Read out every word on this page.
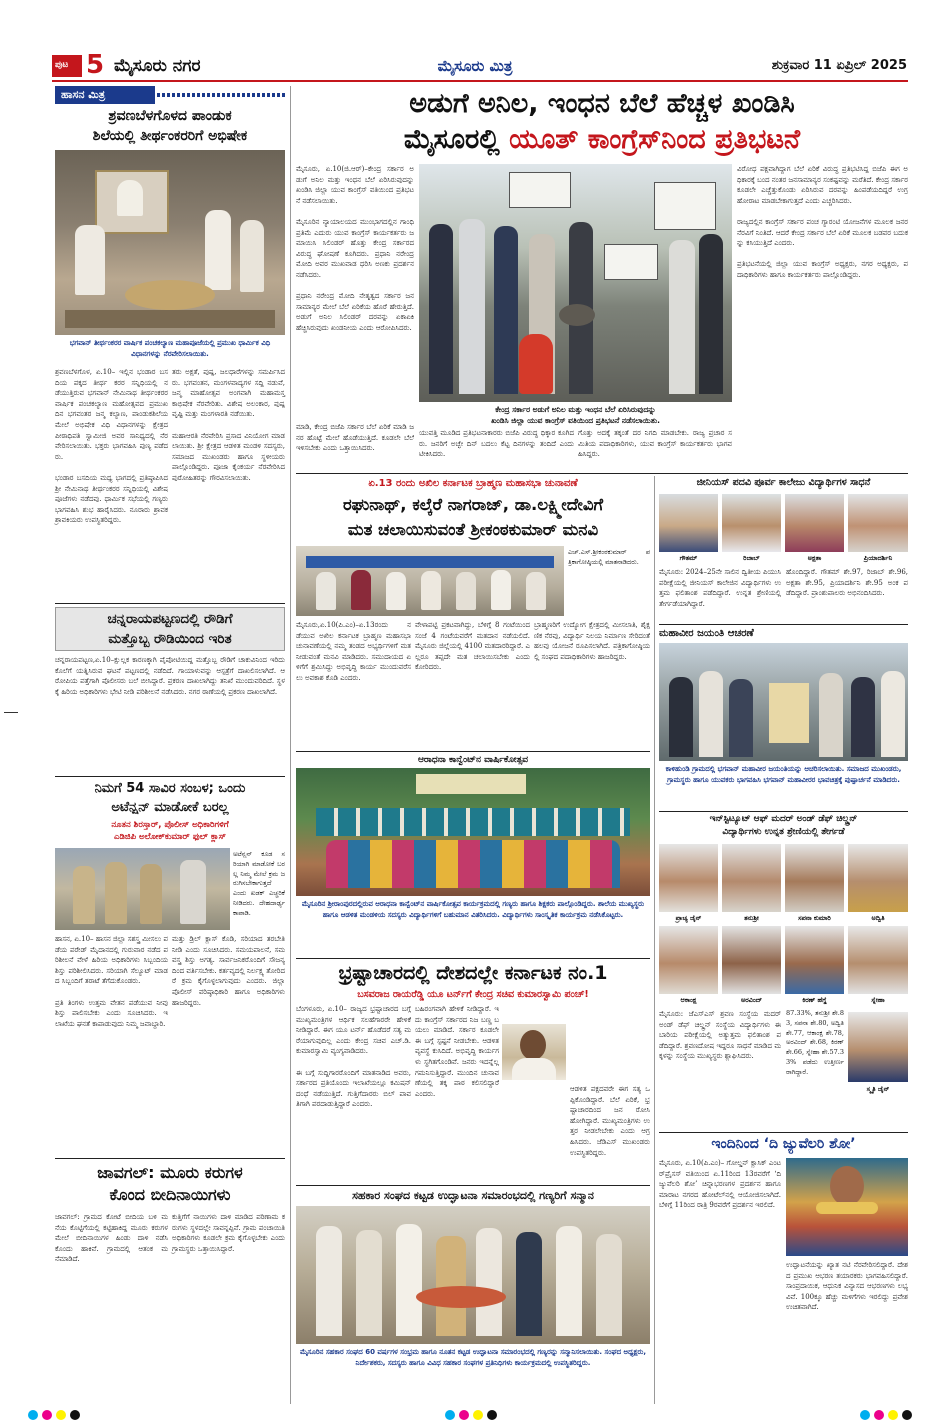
ಪುಟ 5 ಮೈಸೂರು ನಗರ	ಮೈಸೂರು ಮಿತ್ರ	ಶುಕ್ರವಾರ 11 ಏಪ್ರಿಲ್ 2025
ಹಾಸನ ಮಿತ್ರ
ಶ್ರವಣಬೆಳಗೊಳದ ಪಾಂಡುಕ
ಶಿಲೆಯಲ್ಲಿ ತೀರ್ಥಂಕರರಿಗೆ ಅಭಿಷೇಕ
ಭಗವಾನ್ ತೀರ್ಥಂಕರರ ವಾರ್ಷಿಕ ಪಂಚಕಲ್ಯಾಣ ಮಹಾಪೂಜೆಯಲ್ಲಿ ಪ್ರಮುಖ ಧಾರ್ಮಿಕ ವಿಧಿ ವಿಧಾನಗಳನ್ನು ನೆರವೇರಿಸಲಾಯಿತು.
ಶ್ರವಣಬೆಳಗೊಳ, ಏ.10– ಇಲ್ಲಿನ ಭಂಡಾರ ಬಸದಿಯ ಪಕ್ಕದ ತೀರ್ಥ ಕರರ ಸನ್ನಿಧಿಯಲ್ಲಿ ನಡೆಯುತ್ತಿರುವ ಭಗವಾನ್ ನೇಮಿನಾಥ ತೀರ್ಥಂಕರರ ವಾರ್ಷಿಕ ಪಂಚಕಲ್ಯಾಣ ಮಹೋತ್ಸವದ ಪ್ರಮುಖ ದಿನ ಭಗವಂತರ ಜನ್ಮ ಕಲ್ಯಾಣ, ಪಾಂಡುಕಶಿಲೆಯ ಮೇಲೆ ಅಭಿಷೇಕ ವಿಧಿ ವಿಧಾನಗಳನ್ನು ಕ್ಷೇತ್ರದ ಪೀಠಾಧಿಪತಿ ಸ್ವಾಮೀಜಿ ಅವರ ಸಾನಿಧ್ಯದಲ್ಲಿ ನೆರವೇರಿಸಲಾಯಿತು. ಭಕ್ತರು ಭಾಗವಹಿಸಿ ಪುಣ್ಯ ಪಡೆದರು.

ಭಂಡಾರ ಬಸದಿಯ ಮಧ್ಯ ಭಾಗದಲ್ಲಿ ಪ್ರತಿಷ್ಠಾಪಿಸಿದ ಶ್ರೀ ನೇಮಿನಾಥ ತೀರ್ಥಂಕರರ ಸನ್ನಿಧಿಯಲ್ಲಿ ವಿಶೇಷ ಪೂಜೆಗಳು ನಡೆದವು. ಧಾರ್ಮಿಕ ಸಭೆಯಲ್ಲಿ ಗಣ್ಯರು ಭಾಗವಹಿಸಿ ಶುಭ ಹಾರೈಸಿದರು. ನೂರಾರು ಶ್ರಾವಕ ಶ್ರಾವಕಿಯರು ಉಪಸ್ಥಿತರಿದ್ದರು.
ತರು ಅಕ್ಷತೆ, ಪುಷ್ಪ, ಜಲಧಾರೆಗಳನ್ನು ಸಮರ್ಪಿಸಿದರು. ಭಗವಂತನ, ಮಂಗಳವಾದ್ಯಗಳ ಸದ್ದಿ ನಡುವೆ, ಜನ್ಮ ಮಾಹೋತ್ಸವ ಅಂಗವಾಗಿ ಮಹಾಮಸ್ತಕಾಭಿಷೇಕ ನೆರವೇರಿತು. ವಿಶೇಷ ಅಲಂಕಾರ, ಪುಷ್ಪವೃಷ್ಟಿ ಮತ್ತು ಮಂಗಳಾರತಿ ನಡೆಯಿತು.

ಮಹಾಆರತಿ ನೆರವೇರಿಸಿ ಪ್ರಸಾದ ವಿನಿಯೋಗ ಮಾಡಲಾಯಿತು. ಶ್ರೀ ಕ್ಷೇತ್ರದ ಆಡಳಿತ ಮಂಡಳಿ ಸದಸ್ಯರು, ಸಮಾಜದ ಮುಖಂಡರು ಹಾಗೂ ಸ್ಥಳೀಯರು ಪಾಲ್ಗೊಂಡಿದ್ದರು. ಪೂಜಾ ಕೈಂಕರ್ಯ ನೆರವೇರಿಸಿದ ಪುರೋಹಿತರನ್ನು ಗೌರವಿಸಲಾಯಿತು.
ಚನ್ನರಾಯಪಟ್ಟಣದಲ್ಲಿ ರೌಡಿಗೆ
ಮತ್ತೊಬ್ಬ ರೌಡಿಯಿಂದ ಇರಿತ
ಚನ್ನರಾಯಪಟ್ಟಣ,ಏ.10–ಕ್ಷುಲ್ಲಕ ಕಾರಣಕ್ಕಾಗಿ ಪೈಪೋಟಿಯಿದ್ದ ಮತ್ತೊಬ್ಬ ರೌಡಿಗೆ ಚಾಕುವಿನಿಂದ ಇರಿದು ಕೊಲೆಗೆ ಯತ್ನಿಸಿರುವ ಘಟನೆ ಪಟ್ಟಣದಲ್ಲಿ ನಡೆದಿದೆ. ಗಾಯಾಳುವನ್ನು ಆಸ್ಪತ್ರೆಗೆ ದಾಖಲಿಸಲಾಗಿದೆ. ಆರೋಪಿಯ ಪತ್ತೆಗಾಗಿ ಪೊಲೀಸರು ಬಲೆ ಬೀಸಿದ್ದಾರೆ. ಪ್ರಕರಣ ದಾಖಲಾಗಿದ್ದು ತನಿಖೆ ಮುಂದುವರಿದಿದೆ. ಸ್ಥಳಕ್ಕೆ ಹಿರಿಯ ಅಧಿಕಾರಿಗಳು ಭೇಟಿ ನೀಡಿ ಪರಿಶೀಲನೆ ನಡೆಸಿದರು. ನಗರ ಠಾಣೆಯಲ್ಲಿ ಪ್ರಕರಣ ದಾಖಲಾಗಿದೆ.
ನಿಮಗೆ 54 ಸಾವಿರ ಸಂಬಳ; ಒಂದು
ಅಟೆನ್ಷನ್ ಮಾಡೋಕೆ ಬರಲ್ಲ
ನೂತನ ಶಿರಸ್ತಾರ್, ಪೊಲೀಸ್ ಅಧಿಕಾರಿಗಳಿಗೆ
ಎಡಿಜಿಪಿ ಅಲೋಕ್‌ಕುಮಾರ್ ಫುಲ್ ಕ್ಲಾಸ್
ಅಟೆನ್ಷನ್ ಕೂಡ ಸರಿಯಾಗಿ ಮಾಡೋಕೆ ಬರಲ್ಲ ನಿಮ್ಮ ಮೇಲೆ ಕ್ರಮ ಜರುಗಿಸಬೇಕಾಗುತ್ತದೆ ಎಂದು ಖಡಕ್ ಎಚ್ಚರಿಕೆ ನೀಡಿದರು. ದೇಹದಾರ್ಢ್ಯ ಕಾಪಾಡಿ.
ಹಾಸನ, ಏ.10– ಹಾಸನ ಜಿಲ್ಲಾ ಸಶಸ್ತ್ರ ಮೀಸಲು ಪಡೆಯ ಪರೇಡ್ ಮೈದಾನದಲ್ಲಿ ಗುರುವಾರ ನಡೆದ ಪರಿಶೀಲನೆ ವೇಳೆ ಹಿರಿಯ ಅಧಿಕಾರಿಗಳು ಸಿಬ್ಬಂದಿಯ ಶಿಸ್ತು ಪರಿಶೀಲಿಸಿದರು. ಸರಿಯಾಗಿ ಸೆಲ್ಯೂಟ್ ಮಾಡದ ಸಿಬ್ಬಂದಿಗೆ ತರಾಟೆ ತೆಗೆದುಕೊಂಡರು.

ಪ್ರತಿ ತಿಂಗಳು ಉತ್ತಮ ವೇತನ ಪಡೆಯುವ ನೀವು ಶಿಸ್ತು ಪಾಲಿಸಬೇಕು ಎಂದು ಸೂಚಿಸಿದರು. ಇಲಾಖೆಯ ಘನತೆ ಕಾಪಾಡುವುದು ನಿಮ್ಮ ಜವಾಬ್ದಾರಿ.
ಮತ್ತು ಡ್ರಿಲ್ ಕ್ಲಾಸ್ ಕೊಡಿ, ಸರಿಯಾದ ತರಬೇತಿ ನೀಡಿ ಎಂದು ಸೂಚಿಸಿದರು. ಸಮಯಪಾಲನೆ, ಸಮವಸ್ತ್ರ ಶಿಸ್ತು ಅಗತ್ಯ. ಸಾರ್ವಜನಿಕರೊಂದಿಗೆ ಸೌಜನ್ಯದಿಂದ ವರ್ತಿಸಬೇಕು. ಕರ್ತವ್ಯದಲ್ಲಿ ನಿರ್ಲಕ್ಷ್ಯ ತೋರಿದರೆ ಕ್ರಮ ಕೈಗೊಳ್ಳಲಾಗುವುದು ಎಂದರು. ಜಿಲ್ಲಾ ಪೊಲೀಸ್ ವರಿಷ್ಠಾಧಿಕಾರಿ ಹಾಗೂ ಅಧಿಕಾರಿಗಳು ಹಾಜರಿದ್ದರು.
ಜಾವಗಲ್: ಮೂರು ಕರುಗಳ
ಕೊಂದ ಬೀದಿನಾಯಿಗಳು
ಜಾವಗಲ್: ಗ್ರಾಮದ ಕೋಟೆ ಬೀದಿಯ ಬಳಿ ಮನೆಯ ಕೊಟ್ಟಿಗೆಯಲ್ಲಿ ಕಟ್ಟಿಹಾಕಿದ್ದ ಮೂರು ಕರುಗಳ ಮೇಲೆ ಬೀದಿನಾಯಿಗಳ ಹಿಂಡು ದಾಳಿ ನಡೆಸಿ ಕೊಂದು ಹಾಕಿವೆ. ಗ್ರಾಮದಲ್ಲಿ ಆತಂಕ ಮನೆಮಾಡಿದೆ.
ಕುತ್ತಿಗೆಗೆ ನಾಯಿಗಳು ದಾಳಿ ಮಾಡಿದ ಪರಿಣಾಮ ಕರುಗಳು ಸ್ಥಳದಲ್ಲೇ ಸಾವನ್ನಪ್ಪಿವೆ. ಗ್ರಾಮ ಪಂಚಾಯಿತಿ ಅಧಿಕಾರಿಗಳು ಕೂಡಲೇ ಕ್ರಮ ಕೈಗೊಳ್ಳಬೇಕು ಎಂದು ಗ್ರಾಮಸ್ಥರು ಒತ್ತಾಯಿಸಿದ್ದಾರೆ.
ಅಡುಗೆ ಅನಿಲ, ಇಂಧನ ಬೆಲೆ ಹೆಚ್ಚಳ ಖಂಡಿಸಿ
ಮೈಸೂರಲ್ಲಿ ಯೂತ್ ಕಾಂಗ್ರೆಸ್‌ನಿಂದ ಪ್ರತಿಭಟನೆ
ಮೈಸೂರು, ಏ.10(ಜಿ.ಆರ್)–ಕೇಂದ್ರ ಸರ್ಕಾರ ಅಡುಗೆ ಅನಿಲ ಮತ್ತು ಇಂಧನ ಬೆಲೆ ಏರಿಸಿರುವುದನ್ನು ಖಂಡಿಸಿ ಜಿಲ್ಲಾ ಯುವ ಕಾಂಗ್ರೆಸ್ ವತಿಯಿಂದ ಪ್ರತಿಭಟನೆ ನಡೆಸಲಾಯಿತು.

ಮೈಸೂರಿನ ನ್ಯಾಯಾಲಯದ ಮುಂಭಾಗದಲ್ಲಿನ ಗಾಂಧಿ ಪ್ರತಿಮೆ ಎದುರು ಯುವ ಕಾಂಗ್ರೆಸ್ ಕಾರ್ಯಕರ್ತರು ಜಮಾಯಿಸಿ ಸಿಲಿಂಡರ್ ಹೊತ್ತು ಕೇಂದ್ರ ಸರ್ಕಾರದ ವಿರುದ್ಧ ಘೋಷಣೆ ಕೂಗಿದರು. ಪ್ರಧಾನಿ ನರೇಂದ್ರ ಮೋದಿ ಅವರ ಮುಖವಾಡ ಧರಿಸಿ ಅಣಕು ಪ್ರದರ್ಶನ ನಡೆಸಿದರು.

ಪ್ರಧಾನಿ ನರೇಂದ್ರ ಮೋದಿ ನೇತೃತ್ವದ ಸರ್ಕಾರ ಜನಸಾಮಾನ್ಯರ ಮೇಲೆ ಬೆಲೆ ಏರಿಕೆಯ ಹೊರೆ ಹೇರುತ್ತಿದೆ. ಅಡುಗೆ ಅನಿಲ ಸಿಲಿಂಡರ್ ದರವನ್ನು ಏಕಾಏಕಿ ಹೆಚ್ಚಿಸಿರುವುದು ಖಂಡನೀಯ ಎಂದು ಆರೋಪಿಸಿದರು.
ಕೇಂದ್ರ ಸರ್ಕಾರ ಅಡುಗೆ ಅನಿಲ ಮತ್ತು ಇಂಧನ ಬೆಲೆ ಏರಿಸಿರುವುದನ್ನು
ಖಂಡಿಸಿ ಜಿಲ್ಲಾ ಯುವ ಕಾಂಗ್ರೆಸ್ ವತಿಯಿಂದ ಪ್ರತಿಭಟನೆ ನಡೆಸಲಾಯಿತು.
ವಿರೋಧ ಪಕ್ಷವಾಗಿದ್ದಾಗ ಬೆಲೆ ಏರಿಕೆ ವಿರುದ್ಧ ಪ್ರತಿಭಟಿಸಿದ್ದ ಬಿಜೆಪಿ ಈಗ ಅಧಿಕಾರಕ್ಕೆ ಬಂದ ನಂತರ ಜನಸಾಮಾನ್ಯರ ಸಂಕಷ್ಟವನ್ನು ಮರೆತಿದೆ. ಕೇಂದ್ರ ಸರ್ಕಾರ ಕೂಡಲೇ ಎಚ್ಚೆತ್ತುಕೊಂಡು ಏರಿಸಿರುವ ದರವನ್ನು ಹಿಂಪಡೆಯದಿದ್ದರೆ ಉಗ್ರ ಹೋರಾಟ ಮಾಡಬೇಕಾಗುತ್ತದೆ ಎಂದು ಎಚ್ಚರಿಸಿದರು.

ರಾಜ್ಯದಲ್ಲಿನ ಕಾಂಗ್ರೆಸ್ ಸರ್ಕಾರ ಪಂಚ ಗ್ಯಾರಂಟಿ ಯೋಜನೆಗಳ ಮೂಲಕ ಜನರ ನೆರವಿಗೆ ನಿಂತಿದೆ. ಆದರೆ ಕೇಂದ್ರ ಸರ್ಕಾರ ಬೆಲೆ ಏರಿಕೆ ಮೂಲಕ ಬಡವರ ಬದುಕನ್ನು ಕಸಿಯುತ್ತಿದೆ ಎಂದರು.

ಪ್ರತಿಭಟನೆಯಲ್ಲಿ ಜಿಲ್ಲಾ ಯುವ ಕಾಂಗ್ರೆಸ್ ಅಧ್ಯಕ್ಷರು, ನಗರ ಅಧ್ಯಕ್ಷರು, ಪದಾಧಿಕಾರಿಗಳು ಹಾಗೂ ಕಾರ್ಯಕರ್ತರು ಪಾಲ್ಗೊಂಡಿದ್ದರು.
ಮಾಡಿ, ಕೇಂದ್ರ ಬಿಜೆಪಿ ಸರ್ಕಾರ ಬೆಲೆ ಏರಿಕೆ ಮಾಡಿ ಜನರ ಹೊಟ್ಟೆ ಮೇಲೆ ಹೊಡೆಯುತ್ತಿದೆ. ಕೂಡಲೇ ಬೆಲೆ ಇಳಿಸಬೇಕು ಎಂದು ಒತ್ತಾಯಿಸಿದರು.
ಯುವತ್ತಿ ಮೂಡಿದ ಪ್ರತಿಭಟನಾಕಾರರು ಬಿಜೆಪಿ ವಿರುದ್ಧ ಧಿಕ್ಕಾರ ಕೂಗಿದರು. ಜನರಿಗೆ ಅಚ್ಛೇ ದಿನ್ ಬದಲು ಕೆಟ್ಟ ದಿನಗಳನ್ನು ತಂದಿದೆ ಎಂದು ಟೀಕಿಸಿದರು.
ಗೊತ್ತು ಅದಕ್ಕೆ ತಕ್ಕಂತೆ ದರ ನಿಗದಿ ಮಾಡಬೇಕು. ರಾಜ್ಯ ಪ್ರಚಾರ ಸಮಿತಿಯ ಪದಾಧಿಕಾರಿಗಳು, ಯುವ ಕಾಂಗ್ರೆಸ್ ಕಾರ್ಯಕರ್ತರು ಭಾಗವಹಿಸಿದ್ದರು.
ಏ.13 ರಂದು ಅಖಿಲ ಕರ್ನಾಟಕ ಬ್ರಾಹ್ಮಣ ಮಹಾಸಭಾ ಚುನಾವಣೆ
ರಘುನಾಥ್, ಕಲ್ಕೆರೆ ನಾಗರಾಜ್, ಡಾ.ಲಕ್ಷ್ಮೀದೇವಿಗೆ
ಮತ ಚಲಾಯಿಸುವಂತೆ ಶ್ರೀಕಂಠಕುಮಾರ್ ಮನವಿ
ಎಚ್.ಎಸ್.ಶ್ರೀಕಂಠಕುಮಾರ್ ಪತ್ರಿಕಾಗೋಷ್ಠಿಯಲ್ಲಿ ಮಾತನಾಡಿದರು.
ಮೈಸೂರು,ಏ.10(ಪಿ.ಎಂ)–ಏ.13ರಂದು ನಡೆಯುವ ಅಖಿಲ ಕರ್ನಾಟಕ ಬ್ರಾಹ್ಮಣ ಮಹಾಸಭಾ ಚುನಾವಣೆಯಲ್ಲಿ ನಮ್ಮ ತಂಡದ ಅಭ್ಯರ್ಥಿಗಳಿಗೆ ಮತ ನೀಡುವಂತೆ ಮನವಿ ಮಾಡಿದರು. ಸಮುದಾಯದ ಏಳಿಗೆಗೆ ಶ್ರಮಿಸಿದ್ದು ಅಭಿವೃದ್ಧಿ ಕಾರ್ಯ ಮುಂದುವರೆಸಲು ಅವಕಾಶ ಕೊಡಿ ಎಂದರು.
ವೇಳಾಪಟ್ಟಿ ಪ್ರಕಟವಾಗಿದ್ದು, ಬೆಳಿಗ್ಗೆ 8 ಗಂಟೆಯಿಂದ ಸಂಜೆ 4 ಗಂಟೆಯವರೆಗೆ ಮತದಾನ ನಡೆಯಲಿದೆ. ಮೈಸೂರು ಜಿಲ್ಲೆಯಲ್ಲಿ 4100 ಮತದಾರರಿದ್ದಾರೆ. ಎಲ್ಲರೂ ತಪ್ಪದೇ ಮತ ಚಲಾಯಿಸಬೇಕು ಎಂದು ಕೋರಿದರು.
ಬ್ರಾಹ್ಮಣರಿಗೆ ಉದ್ಯೋಗ ಕ್ಷೇತ್ರದಲ್ಲಿ ಮೀಸಲಾತಿ, ಶೈಕ್ಷಣಿಕ ನೆರವು, ವಿದ್ಯಾರ್ಥಿ ನಿಲಯ ನಿರ್ಮಾಣ ಸೇರಿದಂತೆ ಹಲವು ಯೋಜನೆ ರೂಪಿಸಲಾಗಿದೆ. ಪತ್ರಿಕಾಗೋಷ್ಠಿಯಲ್ಲಿ ಸಂಘದ ಪದಾಧಿಕಾರಿಗಳು ಹಾಜರಿದ್ದರು.
ಆರಾಧನಾ ಕಾನ್ವೆಂಟ್‌ನ ವಾರ್ಷಿಕೋತ್ಸವ
ಮೈಸೂರಿನ ಶ್ರೀರಾಂಪುರದಲ್ಲಿರುವ ಆರಾಧನಾ ಕಾನ್ವೆಂಟ್‌ನ ವಾರ್ಷಿಕೋತ್ಸವ ಕಾರ್ಯಕ್ರಮದಲ್ಲಿ ಗಣ್ಯರು ಹಾಗೂ ಶಿಕ್ಷಕರು ಪಾಲ್ಗೊಂಡಿದ್ದರು. ಶಾಲೆಯ ಮುಖ್ಯಸ್ಥರು ಹಾಗೂ ಆಡಳಿತ ಮಂಡಳಿಯ ಸದಸ್ಯರು ವಿದ್ಯಾರ್ಥಿಗಳಿಗೆ ಬಹುಮಾನ ವಿತರಿಸಿದರು. ವಿದ್ಯಾರ್ಥಿಗಳು ಸಾಂಸ್ಕೃತಿಕ ಕಾರ್ಯಕ್ರಮ ನಡೆಸಿಕೊಟ್ಟರು.
ಭ್ರಷ್ಟಾಚಾರದಲ್ಲಿ ದೇಶದಲ್ಲೇ ಕರ್ನಾಟಕ ನಂ.1
ಬಸವರಾಜ ರಾಯರೆಡ್ಡಿ ಯೂ ಟರ್ನ್‌ಗೆ ಕೇಂದ್ರ ಸಚಿವ ಕುಮಾರಸ್ವಾಮಿ ಪಂಚ್!
ಬೆಂಗಳೂರು, ಏ.10– ರಾಜ್ಯದ ಭ್ರಷ್ಟಾಚಾರದ ಬಗ್ಗೆ ಮುಖ್ಯಮಂತ್ರಿಗಳ ಆರ್ಥಿಕ ಸಲಹೆಗಾರರೇ ಹೇಳಿಕೆ ನೀಡಿದ್ದಾರೆ. ಈಗ ಯೂ ಟರ್ನ್ ಹೊಡೆದರೆ ಸತ್ಯ ಮರೆಯಾಗುವುದಿಲ್ಲ ಎಂದು ಕೇಂದ್ರ ಸಚಿವ ಎಚ್.ಡಿ.ಕುಮಾರಸ್ವಾಮಿ ವ್ಯಂಗ್ಯವಾಡಿದರು.

ಈ ಬಗ್ಗೆ ಸುದ್ದಿಗಾರರೊಂದಿಗೆ ಮಾತನಾಡಿದ ಅವರು, ಸರ್ಕಾರದ ಪ್ರತಿಯೊಂದು ಇಲಾಖೆಯಲ್ಲೂ ಕಮಿಷನ್ ದಂಧೆ ನಡೆಯುತ್ತಿದೆ. ಗುತ್ತಿಗೆದಾರರು ಬಿಲ್ ಪಾವತಿಗಾಗಿ ಪರದಾಡುತ್ತಿದ್ದಾರೆ ಎಂದರು.
ಬಹಿರಂಗವಾಗಿ ಹೇಳಿಕೆ ನೀಡಿದ್ದಾರೆ. ಇದು ಕಾಂಗ್ರೆಸ್ ಸರ್ಕಾರದ ನಿಜ ಬಣ್ಣ ಬಯಲು ಮಾಡಿದೆ. ಸರ್ಕಾರ ಕೂಡಲೇ ಈ ಬಗ್ಗೆ ಸ್ಪಷ್ಟನೆ ನೀಡಬೇಕು. ಆಡಳಿತ ವ್ಯವಸ್ಥೆ ಕುಸಿದಿದೆ. ಅಭಿವೃದ್ಧಿ ಕಾರ್ಯಗಳು ಸ್ಥಗಿತಗೊಂಡಿವೆ. ಜನರು ಇದನ್ನೆಲ್ಲ ಗಮನಿಸುತ್ತಿದ್ದಾರೆ. ಮುಂದಿನ ಚುನಾವಣೆಯಲ್ಲಿ ತಕ್ಕ ಪಾಠ ಕಲಿಸಲಿದ್ದಾರೆ ಎಂದರು.
ಆಡಳಿತ ಪಕ್ಷದವರೇ ಈಗ ಸತ್ಯ ಒಪ್ಪಿಕೊಂಡಿದ್ದಾರೆ. ಬೆಲೆ ಏರಿಕೆ, ಭ್ರಷ್ಟಾಚಾರದಿಂದ ಜನ ರೋಸಿ ಹೋಗಿದ್ದಾರೆ. ಮುಖ್ಯಮಂತ್ರಿಗಳು ಉತ್ತರ ನೀಡಲೇಬೇಕು ಎಂದು ಆಗ್ರಹಿಸಿದರು. ಜೆಡಿಎಸ್ ಮುಖಂಡರು ಉಪಸ್ಥಿತರಿದ್ದರು.
ಸಹಕಾರ ಸಂಘದ ಕಟ್ಟಡ ಉದ್ಘಾಟನಾ ಸಮಾರಂಭದಲ್ಲಿ ಗಣ್ಯರಿಗೆ ಸನ್ಮಾನ
ಮೈಸೂರಿನ ಸಹಕಾರ ಸಂಘದ 60 ವರ್ಷಗಳ ಸಂಭ್ರಮ ಹಾಗೂ ನೂತನ ಕಟ್ಟಡ ಉದ್ಘಾಟನಾ ಸಮಾರಂಭದಲ್ಲಿ ಗಣ್ಯರನ್ನು ಸನ್ಮಾನಿಸಲಾಯಿತು. ಸಂಘದ ಅಧ್ಯಕ್ಷರು, ನಿರ್ದೇಶಕರು, ಸದಸ್ಯರು ಹಾಗೂ ವಿವಿಧ ಸಹಕಾರ ಸಂಘಗಳ ಪ್ರತಿನಿಧಿಗಳು ಕಾರ್ಯಕ್ರಮದಲ್ಲಿ ಉಪಸ್ಥಿತರಿದ್ದರು.
ಜೀನಿಯಸ್ ಪದವಿ ಪೂರ್ವ ಕಾಲೇಜು ವಿದ್ಯಾರ್ಥಿಗಳ ಸಾಧನೆ
ಗೌತಮ್	ರಿಜಾಬ್	ಅಕ್ಷತಾ	ಪ್ರಿಯಾದರ್ಶಿನಿ
ಮೈಸೂರು: 2024–25ನೇ ಸಾಲಿನ ದ್ವಿತೀಯ ಪಿಯುಸಿ ಪರೀಕ್ಷೆಯಲ್ಲಿ ಜೀನಿಯಸ್ ಕಾಲೇಜಿನ ವಿದ್ಯಾರ್ಥಿಗಳು ಉತ್ತಮ ಫಲಿತಾಂಶ ಪಡೆದಿದ್ದಾರೆ. ಉನ್ನತ ಶ್ರೇಣಿಯಲ್ಲಿ ತೇರ್ಗಡೆಯಾಗಿದ್ದಾರೆ.
ಹೊಂದಿದ್ದಾರೆ. ಗೌತಮ್ ಶೇ.97, ರಿಜಾಬ್ ಶೇ.96, ಅಕ್ಷತಾ ಶೇ.95, ಪ್ರಿಯಾದರ್ಶಿನಿ ಶೇ.95 ಅಂಕ ಪಡೆದಿದ್ದಾರೆ. ಪ್ರಾಂಶುಪಾಲರು ಅಭಿನಂದಿಸಿದರು.
ಮಹಾವೀರ ಜಯಂತಿ ಆಚರಣೆ
ಕಾಳಿಹುಂಡಿ ಗ್ರಾಮದಲ್ಲಿ ಭಗವಾನ್ ಮಹಾವೀರ ಜಯಂತಿಯನ್ನು ಆಚರಿಸಲಾಯಿತು. ಸಮಾಜದ ಮುಖಂಡರು, ಗ್ರಾಮಸ್ಥರು ಹಾಗೂ ಯುವಕರು ಭಾಗವಹಿಸಿ ಭಗವಾನ್ ಮಹಾವೀರರ ಭಾವಚಿತ್ರಕ್ಕೆ ಪುಷ್ಪಾರ್ಚನೆ ಮಾಡಿದರು.
ಇನ್‌ಸ್ಟಿಟ್ಯೂಟ್ ಆಫ್ ಮದರ್ ಅಂಡ್ ಡೆಫ್ ಚಿಲ್ಡ್ರನ್
ವಿದ್ಯಾರ್ಥಿಗಳು ಉನ್ನತ ಶ್ರೇಣಿಯಲ್ಲಿ ತೇರ್ಗಡೆ
ಪ್ರಾಚ್ಯ ಜೈನ್	ತನುಶ್ರೀ	ಸಪನಾ ಕುಮಾರಿ	ಅದ್ವಿತಿ
ಆಕಾಂಕ್ಷ	ಅರವಿಂದ್	ಕಿರಣ್ ಹೆಗ್ಡೆ	ಸ್ನೇಹಾ
ಮೈಸೂರು: ಜೆಎಸ್‌ಎಸ್ ಶ್ರವಣ ಸಂಸ್ಥೆಯ ಮದರ್ ಅಂಡ್ ಡೆಫ್ ಚಿಲ್ಡ್ರನ್ ಸಂಸ್ಥೆಯ ವಿದ್ಯಾರ್ಥಿಗಳು ಈ ಬಾರಿಯ ಪರೀಕ್ಷೆಯಲ್ಲಿ ಅತ್ಯುತ್ತಮ ಫಲಿತಾಂಶ ಪಡೆದಿದ್ದಾರೆ. ಶ್ರವಣದೋಷ ಇದ್ದರೂ ಸಾಧನೆ ಮಾಡಿದ ಮಕ್ಕಳನ್ನು ಸಂಸ್ಥೆಯ ಮುಖ್ಯಸ್ಥರು ಶ್ಲಾಘಿಸಿದರು.
87.33%, ತನುಶ್ರೀ ಶೇ.83, ಸಪನಾ ಶೇ.80, ಅದ್ವಿತಿ ಶೇ.77, ಆಕಾಂಕ್ಷ ಶೇ.78, ಅರವಿಂದ್ ಶೇ.68, ಕಿರಣ್ ಶೇ.66, ಸ್ನೇಹಾ ಶೇ.57.33% ಪಡೆದು ಉತ್ತೀರ್ಣರಾಗಿದ್ದಾರೆ.
ಸ್ಮೃತಿ ಜೈನ್
ಇಂದಿನಿಂದ ‘ದಿ ಜ್ಯುವೆಲರಿ ಶೋ’
ಮೈಸೂರು, ಏ.10(ಪಿ.ಎಂ)– ಗೋಲ್ಡನ್ ಕ್ಲಾಸಿಕ್ ಎಂಟರ್‌ಪ್ರೈಸಸ್ ವತಿಯಿಂದ ಏ.11ರಿಂದ 13ರವರೆಗೆ ‘ದಿ ಜ್ಯುವೆಲರಿ ಶೋ’ ಚಿನ್ನಾಭರಣಗಳ ಪ್ರದರ್ಶನ ಹಾಗೂ ಮಾರಾಟ ನಗರದ ಹೋಟೆಲ್‌ನಲ್ಲಿ ಆಯೋಜಿಸಲಾಗಿದೆ. ಬೆಳಿಗ್ಗೆ 11ರಿಂದ ರಾತ್ರಿ 9ರವರೆಗೆ ಪ್ರದರ್ಶನ ಇರಲಿದೆ.
ಉದ್ಘಾಟನೆಯನ್ನು ಖ್ಯಾತ ನಟಿ ನೆರವೇರಿಸಲಿದ್ದಾರೆ. ದೇಶದ ಪ್ರಮುಖ ಆಭರಣ ತಯಾರಕರು ಭಾಗವಹಿಸಲಿದ್ದಾರೆ. ಸಾಂಪ್ರದಾಯಿಕ, ಆಧುನಿಕ ವಿನ್ಯಾಸದ ಆಭರಣಗಳು ಲಭ್ಯವಿವೆ. 100ಕ್ಕೂ ಹೆಚ್ಚು ಮಳಿಗೆಗಳು ಇರಲಿದ್ದು ಪ್ರವೇಶ ಉಚಿತವಾಗಿದೆ.
